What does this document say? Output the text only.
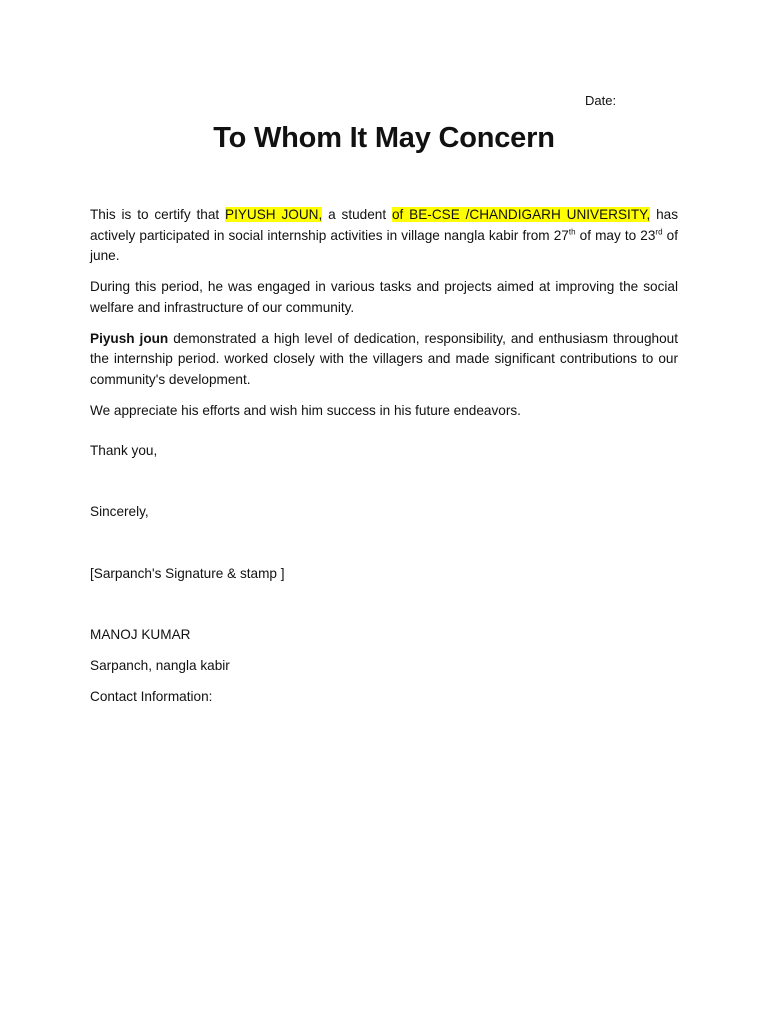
Date:
To Whom It May Concern

This is to certify that PIYUSH JOUN, a student of BE-CSE /CHANDIGARH UNIVERSITY, has actively participated in social internship activities in village nangla kabir from 27th of may to 23rd of june.

During this period, he was engaged in various tasks and projects aimed at improving the social welfare and infrastructure of our community.

Piyush joun demonstrated a high level of dedication, responsibility, and enthusiasm throughout the internship period. worked closely with the villagers and made significant contributions to our community's development.

We appreciate his efforts and wish him success in his future endeavors.

Thank you,

Sincerely,

[Sarpanch's Signature & stamp ]

MANOJ KUMAR

Sarpanch, nangla kabir

Contact Information:
